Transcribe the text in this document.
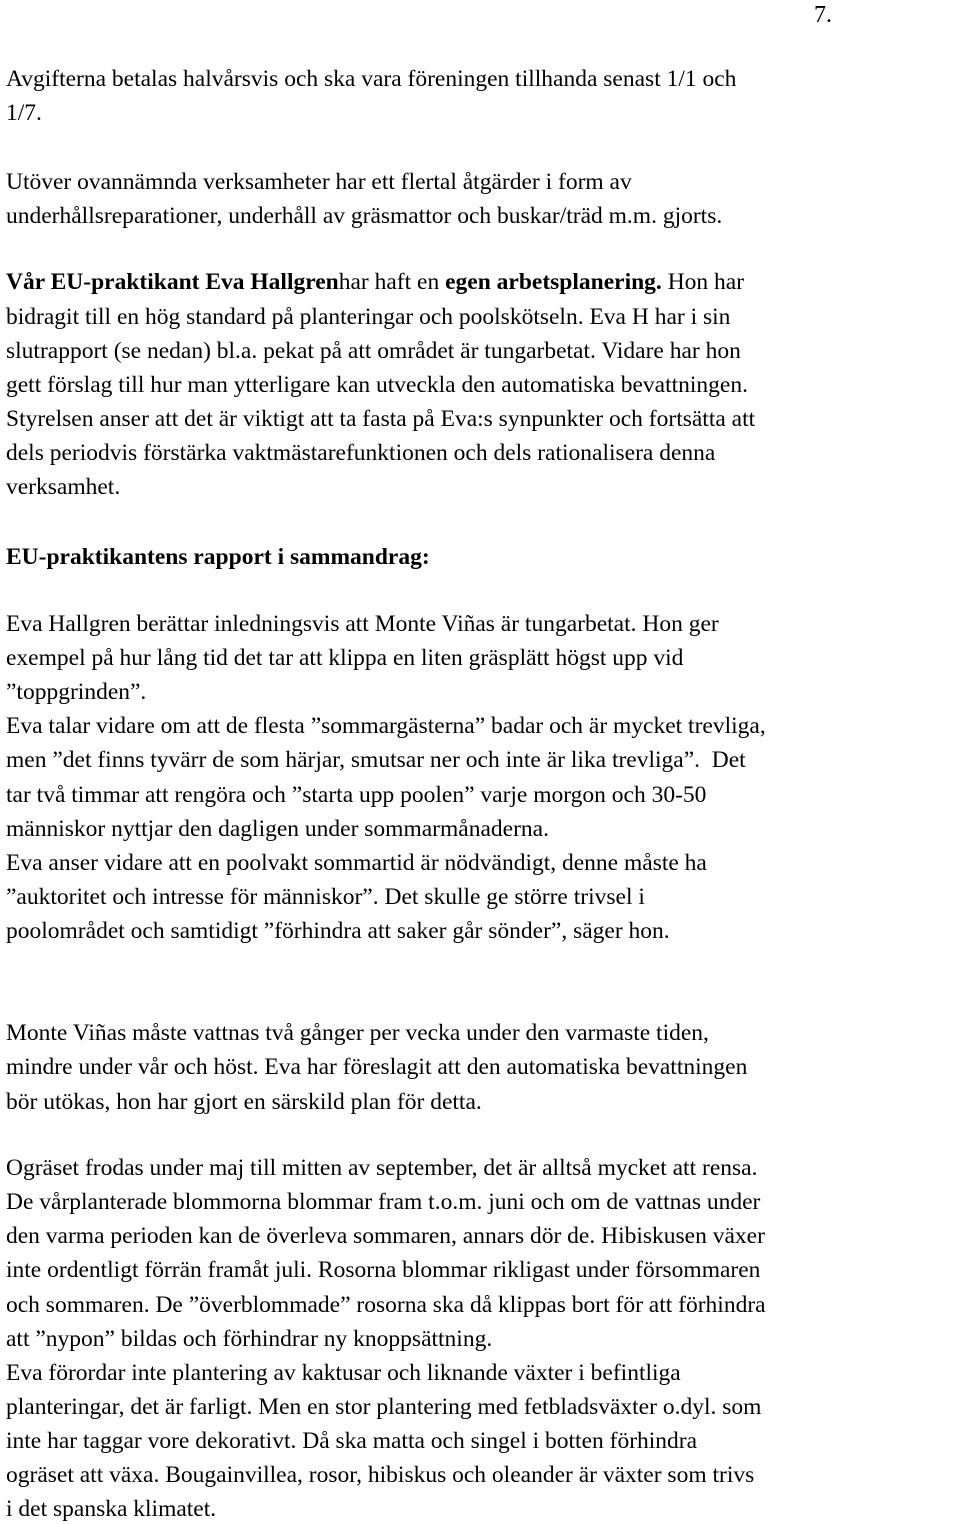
7.
Avgifterna betalas halvårsvis och ska vara föreningen tillhanda senast 1/1 och
1/7.
Utöver ovannämnda verksamheter har ett flertal åtgärder i form av
underhållsreparationer, underhåll av gräsmattor och buskar/träd m.m. gjorts.
Vår EU-praktikant Eva Hallgrenhar haft en egen arbetsplanering. Hon har
bidragit till en hög standard på planteringar och poolskötseln. Eva H har i sin
slutrapport (se nedan) bl.a. pekat på att området är tungarbetat. Vidare har hon
gett förslag till hur man ytterligare kan utveckla den automatiska bevattningen.
Styrelsen anser att det är viktigt att ta fasta på Eva:s synpunkter och fortsätta att
dels periodvis förstärka vaktmästarefunktionen och dels rationalisera denna
verksamhet.
EU-praktikantens rapport i sammandrag:
Eva Hallgren berättar inledningsvis att Monte Viñas är tungarbetat. Hon ger
exempel på hur lång tid det tar att klippa en liten gräsplätt högst upp vid
”toppgrinden”.
Eva talar vidare om att de flesta ”sommargästerna” badar och är mycket trevliga,
men ”det finns tyvärr de som härjar, smutsar ner och inte är lika trevliga”.  Det
tar två timmar att rengöra och ”starta upp poolen” varje morgon och 30-50
människor nyttjar den dagligen under sommarmånaderna.
Eva anser vidare att en poolvakt sommartid är nödvändigt, denne måste ha
”auktoritet och intresse för människor”. Det skulle ge större trivsel i
poolområdet och samtidigt ”förhindra att saker går sönder”, säger hon.
Monte Viñas måste vattnas två gånger per vecka under den varmaste tiden,
mindre under vår och höst. Eva har föreslagit att den automatiska bevattningen
bör utökas, hon har gjort en särskild plan för detta.
Ogräset frodas under maj till mitten av september, det är alltså mycket att rensa.
De vårplanterade blommorna blommar fram t.o.m. juni och om de vattnas under
den varma perioden kan de överleva sommaren, annars dör de. Hibiskusen växer
inte ordentligt förrän framåt juli. Rosorna blommar rikligast under försommaren
och sommaren. De ”överblommade” rosorna ska då klippas bort för att förhindra
att ”nypon” bildas och förhindrar ny knoppsättning.
Eva förordar inte plantering av kaktusar och liknande växter i befintliga
planteringar, det är farligt. Men en stor plantering med fetbladsväxter o.dyl. som
inte har taggar vore dekorativt. Då ska matta och singel i botten förhindra
ogräset att växa. Bougainvillea, rosor, hibiskus och oleander är växter som trivs
i det spanska klimatet.
